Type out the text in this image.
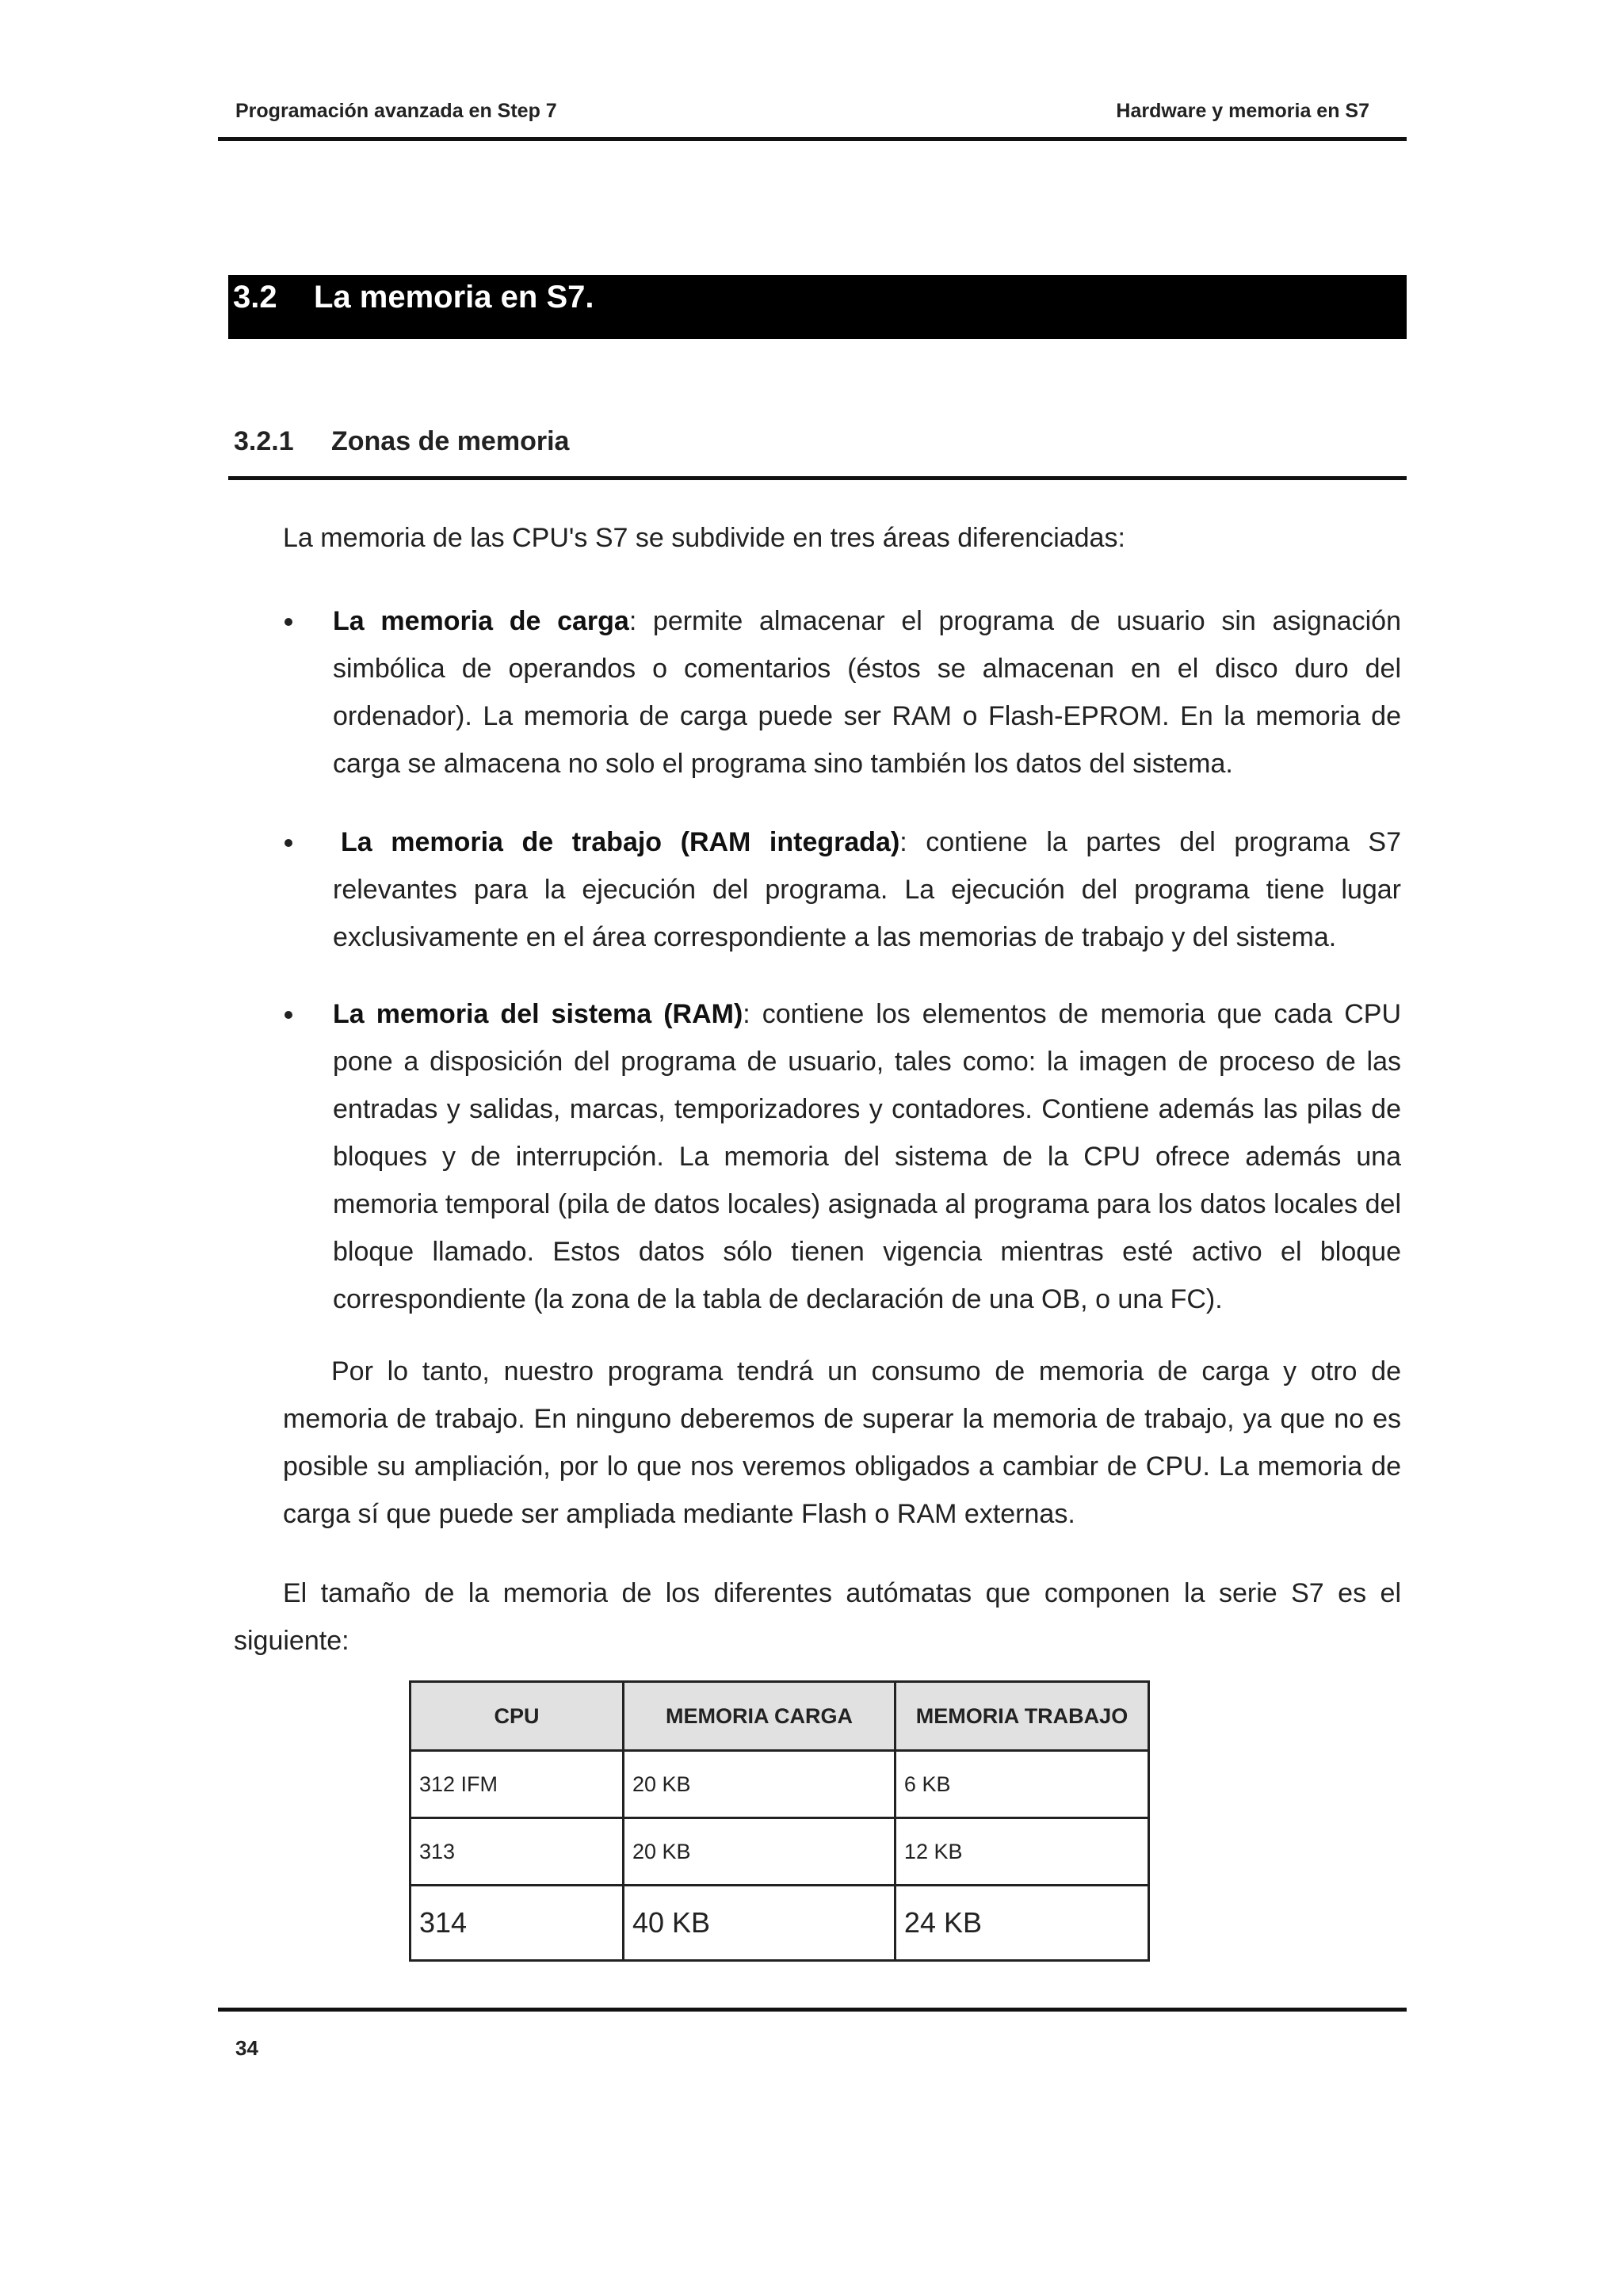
Programación avanzada en Step 7	Hardware y memoria en S7
3.2 La memoria en S7.
3.2.1 Zonas de memoria

La memoria de las CPU's S7 se subdivide en tres áreas diferenciadas:

La memoria de carga: permite almacenar el programa de usuario sin asignación simbólica de operandos o comentarios (éstos se almacenan en el disco duro del ordenador). La memoria de carga puede ser RAM o Flash-EPROM. En la memoria de carga se almacena no solo el programa sino también los datos del sistema.

La memoria de trabajo (RAM integrada): contiene la partes del programa S7 relevantes para la ejecución del programa. La ejecución del programa tiene lugar exclusivamente en el área correspondiente a las memorias de trabajo y del sistema.

La memoria del sistema (RAM): contiene los elementos de memoria que cada CPU pone a disposición del programa de usuario, tales como: la imagen de proceso de las entradas y salidas, marcas, temporizadores y contadores. Contiene además las pilas de bloques y de interrupción. La memoria del sistema de la CPU ofrece además una memoria temporal (pila de datos locales) asignada al programa para los datos locales del bloque llamado. Estos datos sólo tienen vigencia mientras esté activo el bloque correspondiente (la zona de la tabla de declaración de una OB, o una FC).

Por lo tanto, nuestro programa tendrá un consumo de memoria de carga y otro de memoria de trabajo. En ninguno deberemos de superar la memoria de trabajo, ya que no es posible su ampliación, por lo que nos veremos obligados a cambiar de CPU. La memoria de carga sí que puede ser ampliada mediante Flash o RAM externas.

El tamaño de la memoria de los diferentes autómatas que componen la serie S7 es el siguiente:

CPU	MEMORIA CARGA	MEMORIA TRABAJO
312 IFM	20 KB	6 KB
313	20 KB	12 KB
314	40 KB	24 KB
34
